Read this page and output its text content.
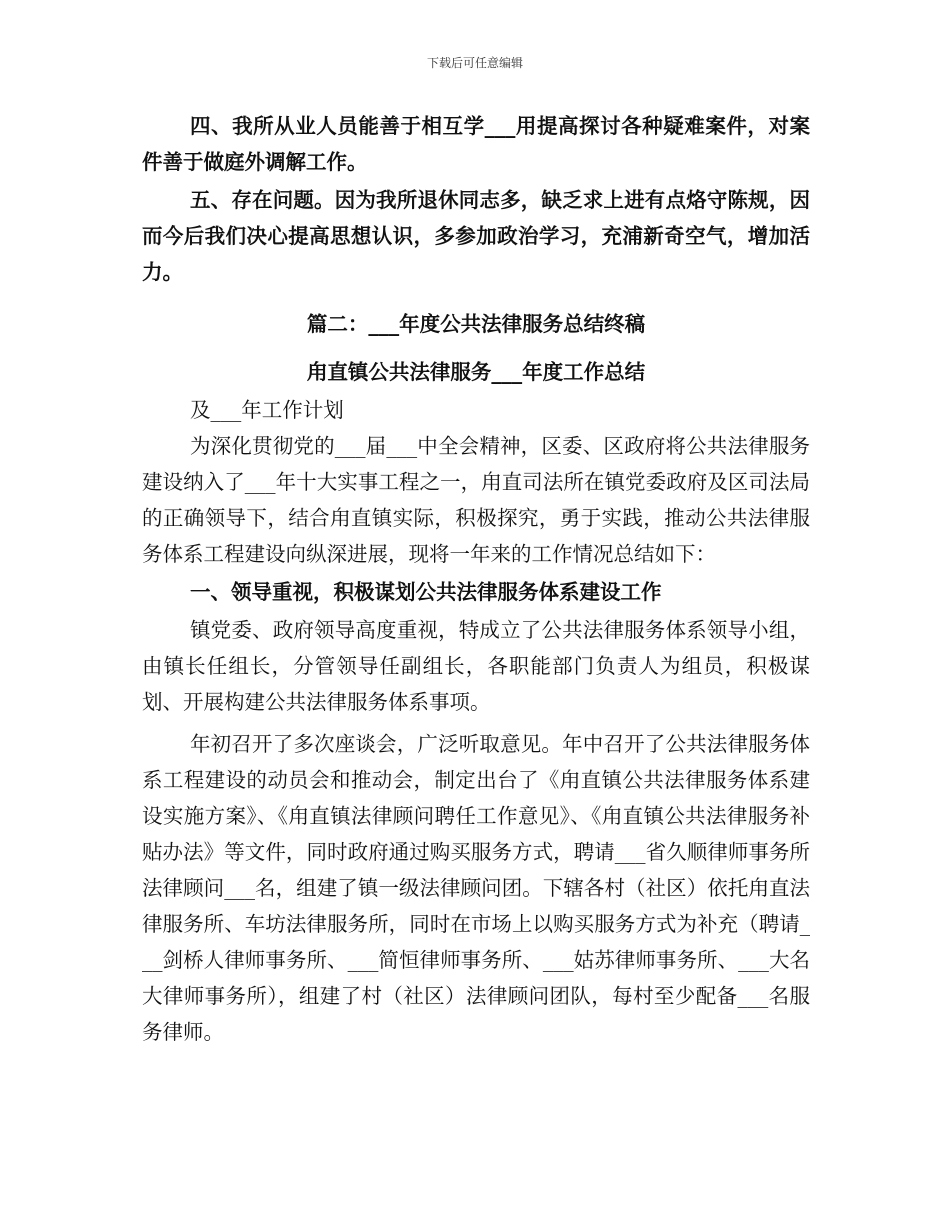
下载后可任意编辑

四、我所从业人员能善于相互学___用提高探讨各种疑难案件，对案件善于做庭外调解工作。

五、存在问题。因为我所退休同志多，缺乏求上进有点烙守陈规，因而今后我们决心提高思想认识，多参加政治学习，充浦新奇空气，增加活力。

篇二：___年度公共法律服务总结终稿

甪直镇公共法律服务___年度工作总结

及___年工作计划

为深化贯彻党的___届___中全会精神，区委、区政府将公共法律服务建设纳入了___年十大实事工程之一，甪直司法所在镇党委政府及区司法局的正确领导下，结合甪直镇实际，积极探究，勇于实践，推动公共法律服务体系工程建设向纵深进展，现将一年来的工作情况总结如下：

一、领导重视，积极谋划公共法律服务体系建设工作

镇党委、政府领导高度重视，特成立了公共法律服务体系领导小组，由镇长任组长，分管领导任副组长，各职能部门负责人为组员，积极谋划、开展构建公共法律服务体系事项。

年初召开了多次座谈会，广泛听取意见。年中召开了公共法律服务体系工程建设的动员会和推动会，制定出台了《甪直镇公共法律服务体系建设实施方案》、《甪直镇法律顾问聘任工作意见》、《甪直镇公共法律服务补贴办法》等文件，同时政府通过购买服务方式，聘请___省久顺律师事务所法律顾问___名，组建了镇一级法律顾问团。下辖各村（社区）依托甪直法律服务所、车坊法律服务所，同时在市场上以购买服务方式为补充（聘请___剑桥人律师事务所、___简恒律师事务所、___姑苏律师事务所、___大名大律师事务所），组建了村（社区）法律顾问团队，每村至少配备___名服务律师。
